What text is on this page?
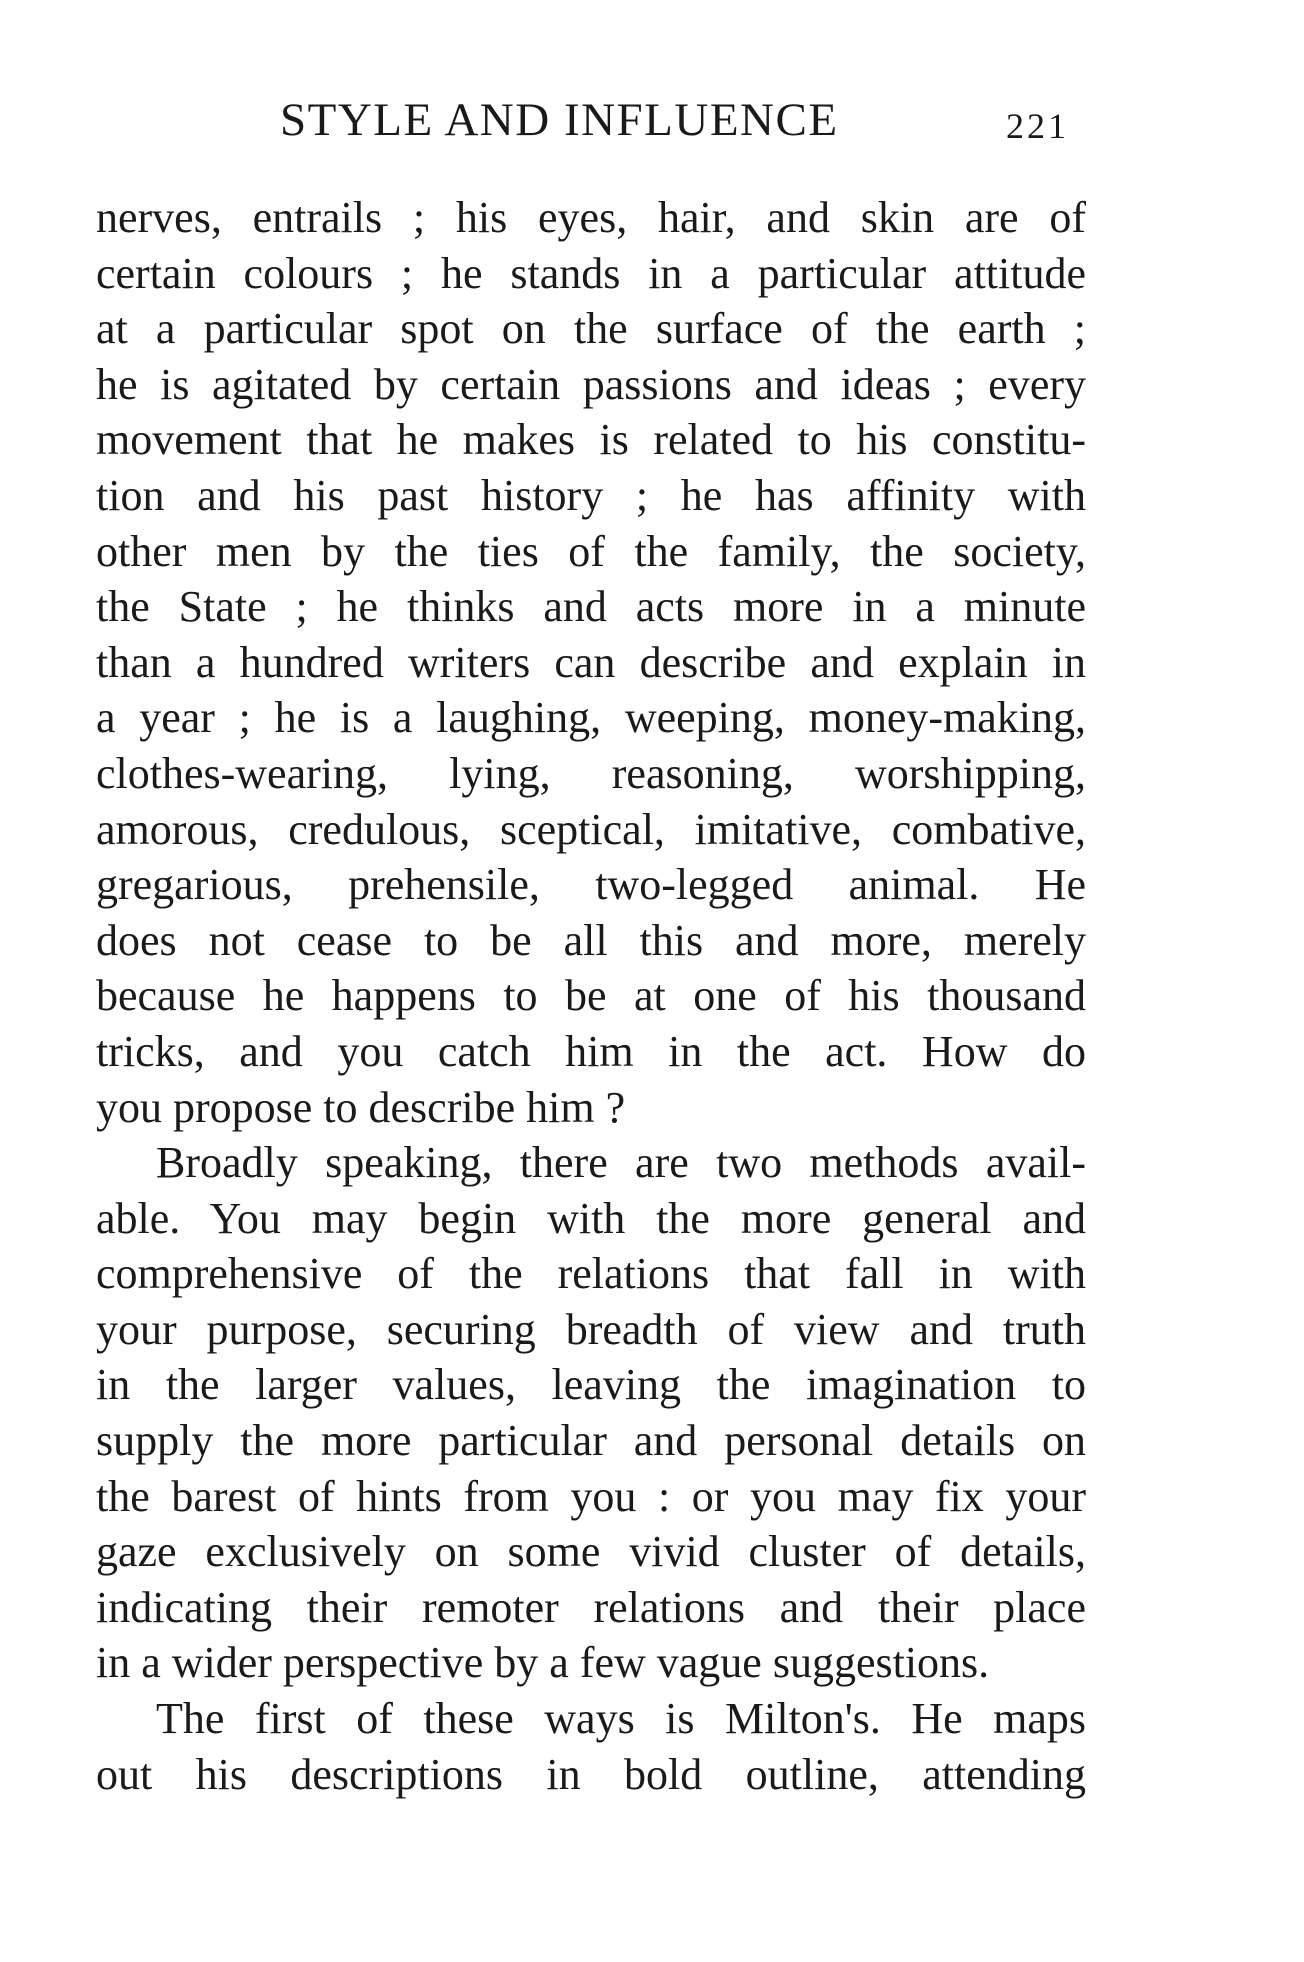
STYLE AND INFLUENCE	221
nerves, entrails ; his eyes, hair, and skin are of
certain colours ; he stands in a particular attitude
at a particular spot on the surface of the earth ;
he is agitated by certain passions and ideas ; every
movement that he makes is related to his constitu-
tion and his past history ; he has affinity with
other men by the ties of the family, the society,
the State ; he thinks and acts more in a minute
than a hundred writers can describe and explain in
a year ; he is a laughing, weeping, money-making,
clothes-wearing, lying, reasoning, worshipping,
amorous, credulous, sceptical, imitative, combative,
gregarious, prehensile, two-legged animal. He
does not cease to be all this and more, merely
because he happens to be at one of his thousand
tricks, and you catch him in the act. How do
you propose to describe him ?
Broadly speaking, there are two methods avail-
able. You may begin with the more general and
comprehensive of the relations that fall in with
your purpose, securing breadth of view and truth
in the larger values, leaving the imagination to
supply the more particular and personal details on
the barest of hints from you : or you may fix your
gaze exclusively on some vivid cluster of details,
indicating their remoter relations and their place
in a wider perspective by a few vague suggestions.
The first of these ways is Milton's. He maps
out his descriptions in bold outline, attending
